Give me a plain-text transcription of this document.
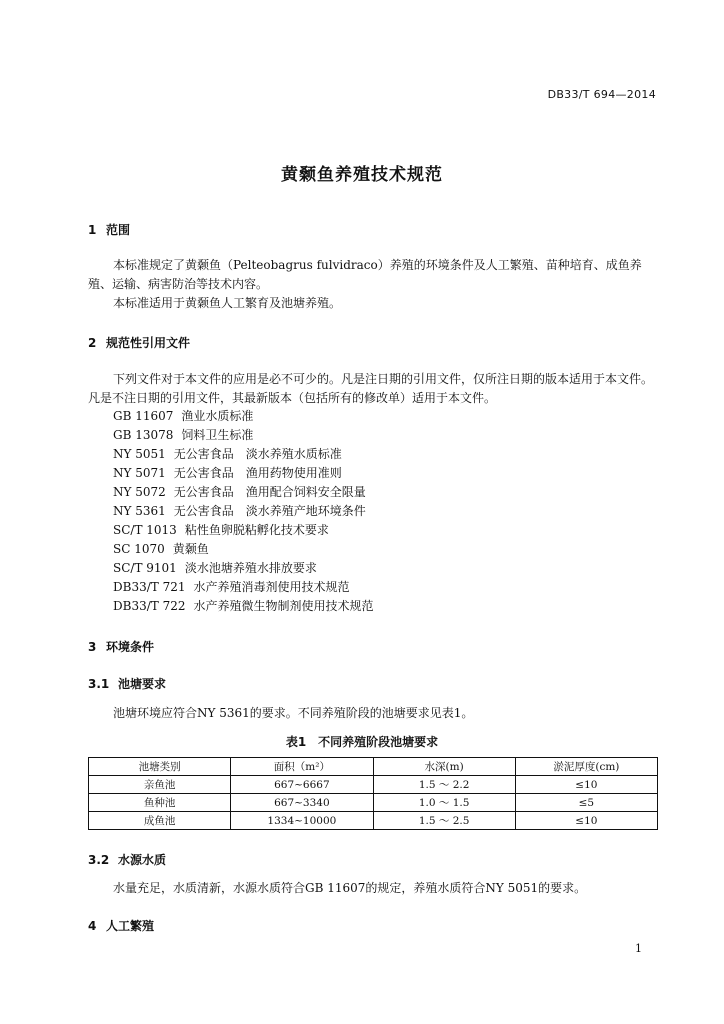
DB33/T 694—2014
黄颡鱼养殖技术规范
1 范围
本标准规定了黄颡鱼（Pelteobagrus fulvidraco）养殖的环境条件及人工繁殖、苗种培育、成鱼养殖、运输、病害防治等技术内容。
本标准适用于黄颡鱼人工繁育及池塘养殖。
2 规范性引用文件
下列文件对于本文件的应用是必不可少的。凡是注日期的引用文件，仅所注日期的版本适用于本文件。凡是不注日期的引用文件，其最新版本（包括所有的修改单）适用于本文件。
GB 11607 渔业水质标准
GB 13078 饲料卫生标准
NY 5051 无公害食品　淡水养殖水质标准
NY 5071 无公害食品　渔用药物使用准则
NY 5072 无公害食品　渔用配合饲料安全限量
NY 5361 无公害食品　淡水养殖产地环境条件
SC/T 1013 粘性鱼卵脱粘孵化技术要求
SC 1070 黄颡鱼
SC/T 9101 淡水池塘养殖水排放要求
DB33/T 721 水产养殖消毒剂使用技术规范
DB33/T 722 水产养殖微生物制剂使用技术规范
3 环境条件
3.1 池塘要求
池塘环境应符合NY 5361的要求。不同养殖阶段的池塘要求见表1。
表1　不同养殖阶段池塘要求
池塘类别	面积（m²）	水深(m)	淤泥厚度(cm)
亲鱼池	667~6667	1.5 ～ 2.2	≤10
鱼种池	667~3340	1.0 ～ 1.5	≤5
成鱼池	1334~10000	1.5 ～ 2.5	≤10
3.2 水源水质
水量充足，水质清新，水源水质符合GB 11607的规定，养殖水质符合NY 5051的要求。
4 人工繁殖
1
